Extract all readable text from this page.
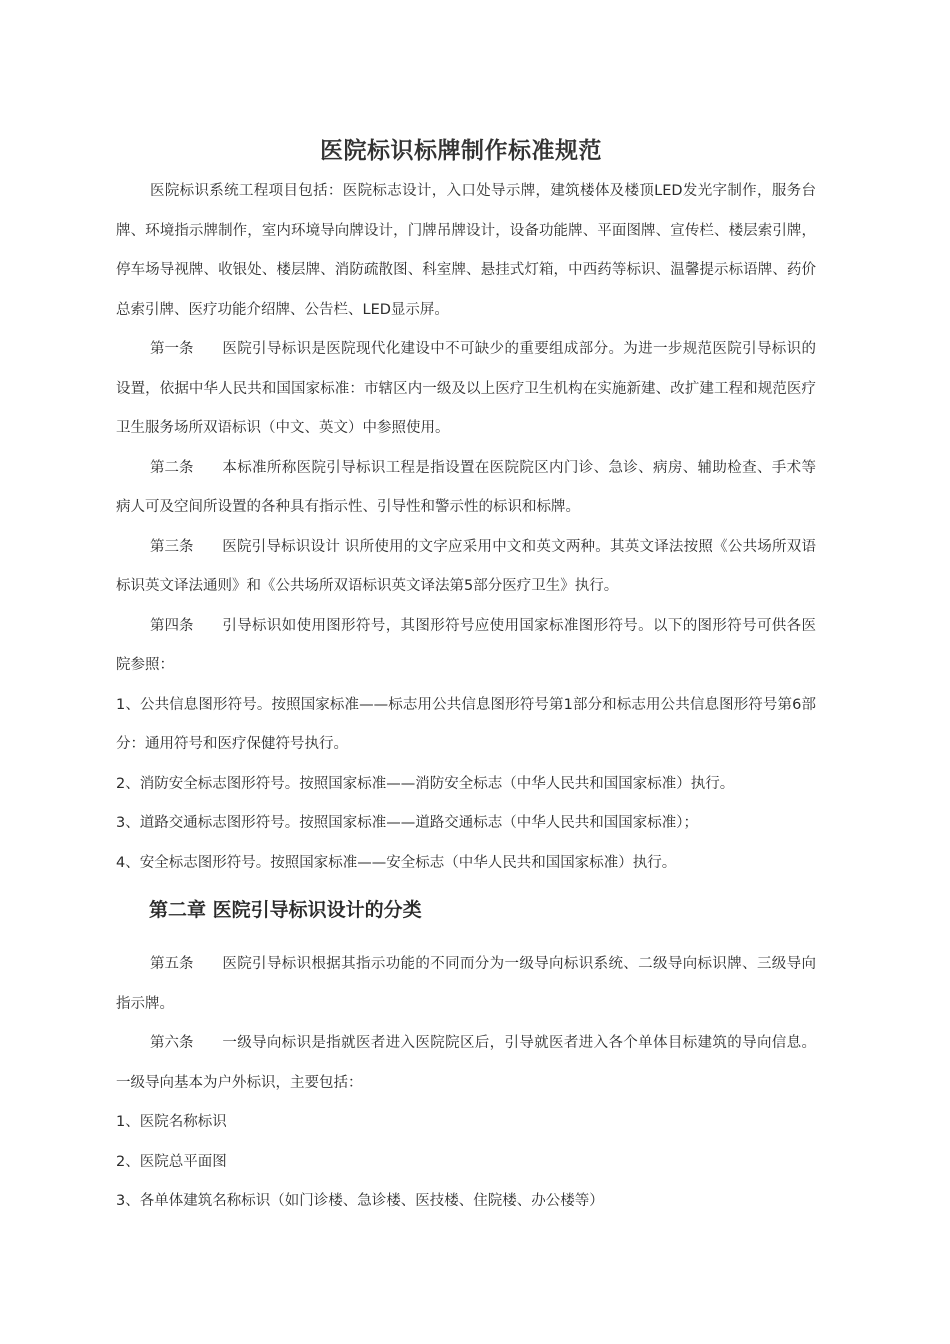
医院标识标牌制作标准规范

医院标识系统工程项目包括：医院标志设计，入口处导示牌，建筑楼体及楼顶LED发光字制作，服务台牌、环境指示牌制作，室内环境导向牌设计，门牌吊牌设计，设备功能牌、平面图牌、宣传栏、楼层索引牌，停车场导视牌、收银处、楼层牌、消防疏散图、科室牌、悬挂式灯箱，中西药等标识、温馨提示标语牌、药价总索引牌、医疗功能介绍牌、公告栏、LED显示屏。

第一条 医院引导标识是医院现代化建设中不可缺少的重要组成部分。为进一步规范医院引导标识的设置，依据中华人民共和国国家标准：市辖区内一级及以上医疗卫生机构在实施新建、改扩建工程和规范医疗卫生服务场所双语标识（中文、英文）中参照使用。

第二条 本标准所称医院引导标识工程是指设置在医院院区内门诊、急诊、病房、辅助检查、手术等病人可及空间所设置的各种具有指示性、引导性和警示性的标识和标牌。

第三条 医院引导标识设计 识所使用的文字应采用中文和英文两种。其英文译法按照《公共场所双语标识英文译法通则》和《公共场所双语标识英文译法第5部分医疗卫生》执行。

第四条 引导标识如使用图形符号，其图形符号应使用国家标准图形符号。以下的图形符号可供各医院参照：

1、公共信息图形符号。按照国家标准——标志用公共信息图形符号第1部分和标志用公共信息图形符号第6部分：通用符号和医疗保健符号执行。

2、消防安全标志图形符号。按照国家标准——消防安全标志（中华人民共和国国家标准）执行。

3、道路交通标志图形符号。按照国家标准——道路交通标志（中华人民共和国国家标准）；

4、安全标志图形符号。按照国家标准——安全标志（中华人民共和国国家标准）执行。

第二章 医院引导标识设计的分类

第五条 医院引导标识根据其指示功能的不同而分为一级导向标识系统、二级导向标识牌、三级导向指示牌。

第六条 一级导向标识是指就医者进入医院院区后，引导就医者进入各个单体目标建筑的导向信息。一级导向基本为户外标识，主要包括：

1、医院名称标识

2、医院总平面图

3、各单体建筑名称标识（如门诊楼、急诊楼、医技楼、住院楼、办公楼等）
